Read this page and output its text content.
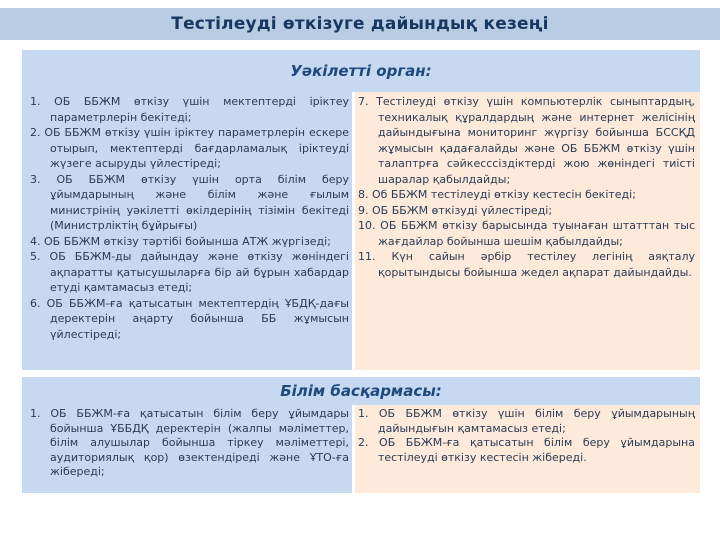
Тестілеуді өткізуге дайындық кезеңі
Уәкілетті орган:
1. ОБ ББЖМ өткізу үшін мектептерді іріктеу параметрлерін бекітеді;
2. ОБ ББЖМ өткізу үшін іріктеу параметрлерін ескере отырып, мектептерді бағдарламалық іріктеуді жүзеге асыруды үйлестіреді;
3. ОБ ББЖМ өткізу үшін орта білім беру ұйымдарының және білім және ғылым министрінің уәкілетті өкілдерінің тізімін бекітеді (Министрліктің бұйрығы)
4. ОБ ББЖМ өткізу тәртібі бойынша АТЖ жүргізеді;
5. ОБ ББЖМ-ды дайындау және өткізу жөніндегі ақпаратты қатысушыларға бір ай бұрын хабардар етуді қамтамасыз етеді;
6. ОБ ББЖМ-ға қатысатын мектептердің ҰБДҚ-дағы деректерін аңарту бойынша ББ жұмысын үйлестіреді;
7. Тестілеуді өткізу үшін компьютерлік сыныптардың, техникалық құралдардың және интернет желісінің дайындығына мониторинг жүргізу бойынша БССҚД жұмысын қадағалайды және ОБ ББЖМ өткізу үшін талаптрға сәйкесссіздіктерді жою жөніндегі тиісті шаралар қабылдайды;
8. Об ББЖМ тестілеуді өткізу кестесін бекітеді;
9. ОБ ББЖМ өткізуді үйлестіреді;
10. ОБ ББЖМ өткізу барысында туынаған штатттан тыс жағдайлар бойынша шешім қабылдайды;
11. Күн сайын әрбір тестілеу легінің аяқталу қорытындысы бойынша жедел ақпарат дайындайды.
Білім басқармасы:
1. ОБ ББЖМ-ға қатысатын білім беру ұйымдары бойынша ҰББДҚ деректерін (жалпы мәліметтер, білім алушылар бойынша тіркеу мәліметтері, аудиториялық қор) өзектендіреді және ҰТО-ға жібереді;
1. ОБ ББЖМ өткізу үшін білім беру ұйымдарының дайындығын қамтамасыз етеді;
2. ОБ ББЖМ-ға қатысатын білім беру ұйымдарына тестілеуді өткізу кестесін жібереді.
